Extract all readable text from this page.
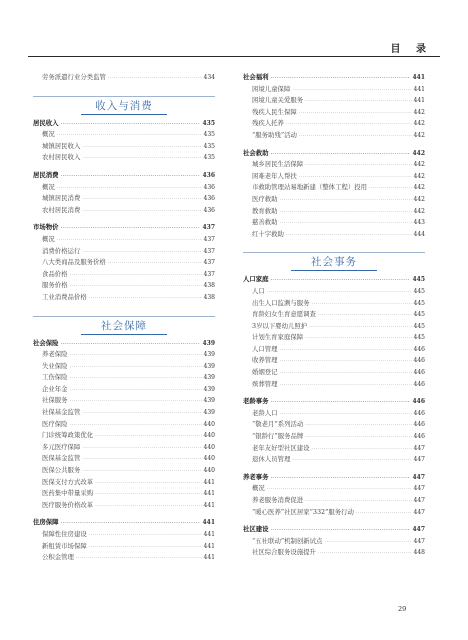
目 录
劳务派遣行业分类监管 ·····	434
收入与消费
居民收入 ·····	435
概况 ·····	435
城镇居民收入 ·····	435
农村居民收入 ·····	435
居民消费 ·····	436
概况 ·····	436
城镇居民消费 ·····	436
农村居民消费 ·····	436
市场物价 ·····	437
概况 ·····	437
消费价格运行 ·····	437
八大类商品及服务价格 ·····	437
食品价格 ·····	437
服务价格 ·····	438
工业消费品价格 ·····	438
社会保障
社会保险 ·····	439
养老保险 ·····	439
失业保险 ·····	439
工伤保险 ·····	439
企业年金 ·····	439
社保服务 ·····	439
社保基金监管 ·····	439
医疗保险 ·····	440
门诊统筹政策优化 ·····	440
多元医疗保障 ·····	440
医保基金监管 ·····	440
医保公共服务 ·····	440
医保支付方式改革 ·····	441
医药集中带量采购 ·····	441
医疗服务价格改革 ·····	441
住房保障 ·····	441
保障性住房建设 ·····	441
新租赁市场保障 ·····	441
公积金管理 ·····	441
社会福利 ·····	441
困境儿童保障 ·····	441
困境儿童关爱服务 ·····	441
残疾人民生保障 ·····	442
残疾人托养 ·····	442
“服务助残”活动 ·····	442
社会救助 ·····	442
城乡居民生活保障 ·····	442
困难老年人帮扶 ·····	442
市救助管理站易地新建（整体工程）投用 ·····	442
医疗救助 ·····	442
教育救助 ·····	442
慈善救助 ·····	443
红十字救助 ·····	444
社会事务
人口家庭 ·····	445
人口 ·····	445
出生人口监测与服务 ·····	445
育龄妇女生育意愿调查 ·····	445
3岁以下婴幼儿照护 ·····	445
计划生育家庭保障 ·····	445
人口管理 ·····	446
收养管理 ·····	446
婚姻登记 ·····	446
殡葬管理 ·····	446
老龄事务 ·····	446
老龄人口 ·····	446
“敬老月”系列活动 ·····	446
“银龄行”服务品牌 ·····	446
老年友好型社区建设 ·····	447
退休人员管理 ·····	447
养老事务 ·····	447
概况 ·····	447
养老服务消费促进 ·····	447
“暖心医养”社区居家“332”服务行动 ·····	447
社区建设 ·····	447
“五社联动”机制创新试点 ·····	447
社区综合服务设施提升 ·····	448
29
